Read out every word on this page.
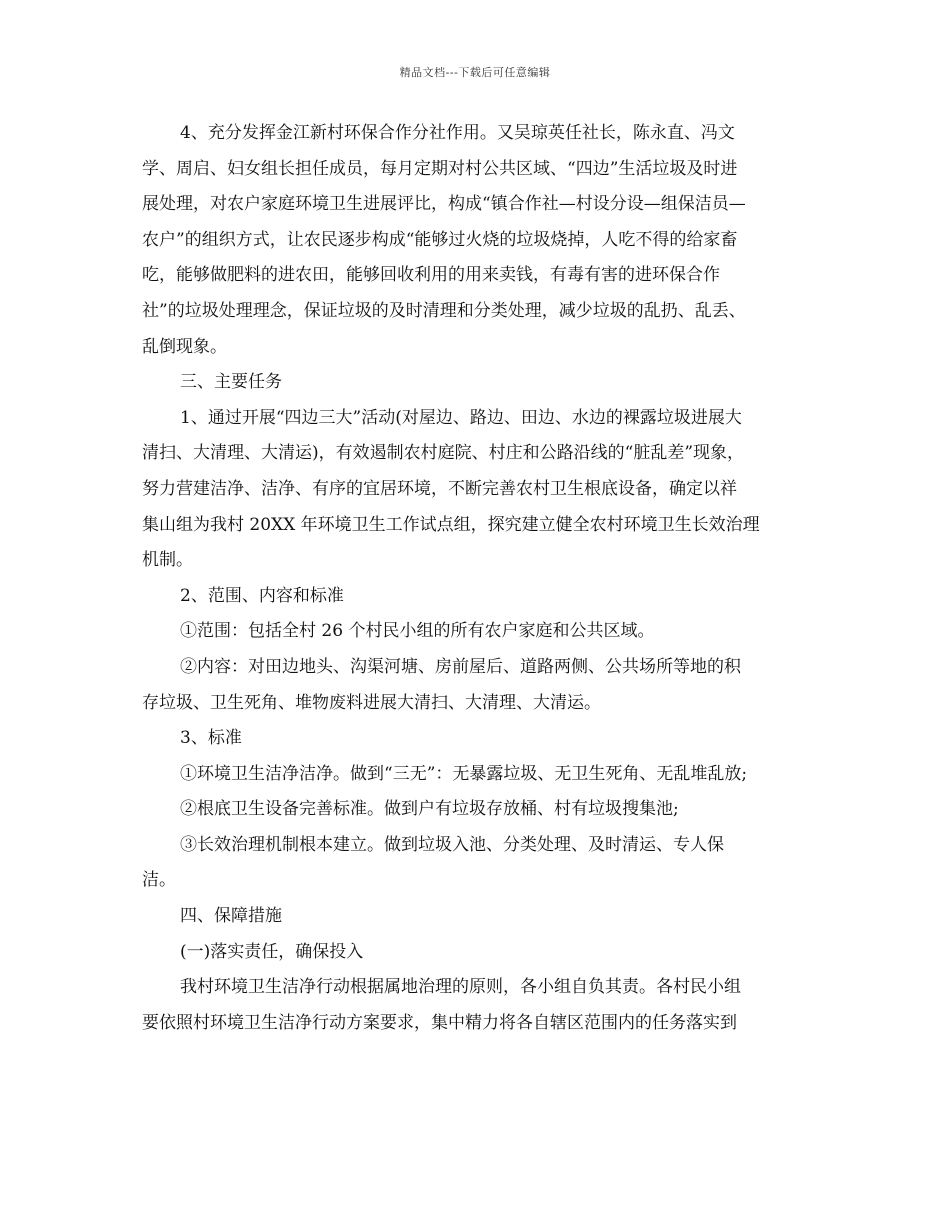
精品文档---下载后可任意编辑
4、充分发挥金江新村环保合作分社作用。又吴琼英任社长，陈永直、冯文
学、周启、妇女组长担任成员，每月定期对村公共区域、“四边”生活垃圾及时进
展处理，对农户家庭环境卫生进展评比，构成“镇合作社—村设分设—组保洁员—
农户”的组织方式，让农民逐步构成“能够过火烧的垃圾烧掉，人吃不得的给家畜
吃，能够做肥料的进农田，能够回收利用的用来卖钱，有毒有害的进环保合作
社”的垃圾处理理念，保证垃圾的及时清理和分类处理，减少垃圾的乱扔、乱丢、
乱倒现象。
三、主要任务
1、通过开展“四边三大”活动(对屋边、路边、田边、水边的裸露垃圾进展大
清扫、大清理、大清运)，有效遏制农村庭院、村庄和公路沿线的“脏乱差”现象，
努力营建洁净、洁净、有序的宜居环境，不断完善农村卫生根底设备，确定以祥
集山组为我村 20XX 年环境卫生工作试点组，探究建立健全农村环境卫生长效治理
机制。
2、范围、内容和标准
①范围：包括全村 26 个村民小组的所有农户家庭和公共区域。
②内容：对田边地头、沟渠河塘、房前屋后、道路两侧、公共场所等地的积
存垃圾、卫生死角、堆物废料进展大清扫、大清理、大清运。
3、标准
①环境卫生洁净洁净。做到“三无”：无暴露垃圾、无卫生死角、无乱堆乱放;
②根底卫生设备完善标准。做到户有垃圾存放桶、村有垃圾搜集池;
③长效治理机制根本建立。做到垃圾入池、分类处理、及时清运、专人保
洁。
四、保障措施
(一)落实责任，确保投入
我村环境卫生洁净行动根据属地治理的原则，各小组自负其责。各村民小组
要依照村环境卫生洁净行动方案要求，集中精力将各自辖区范围内的任务落实到
